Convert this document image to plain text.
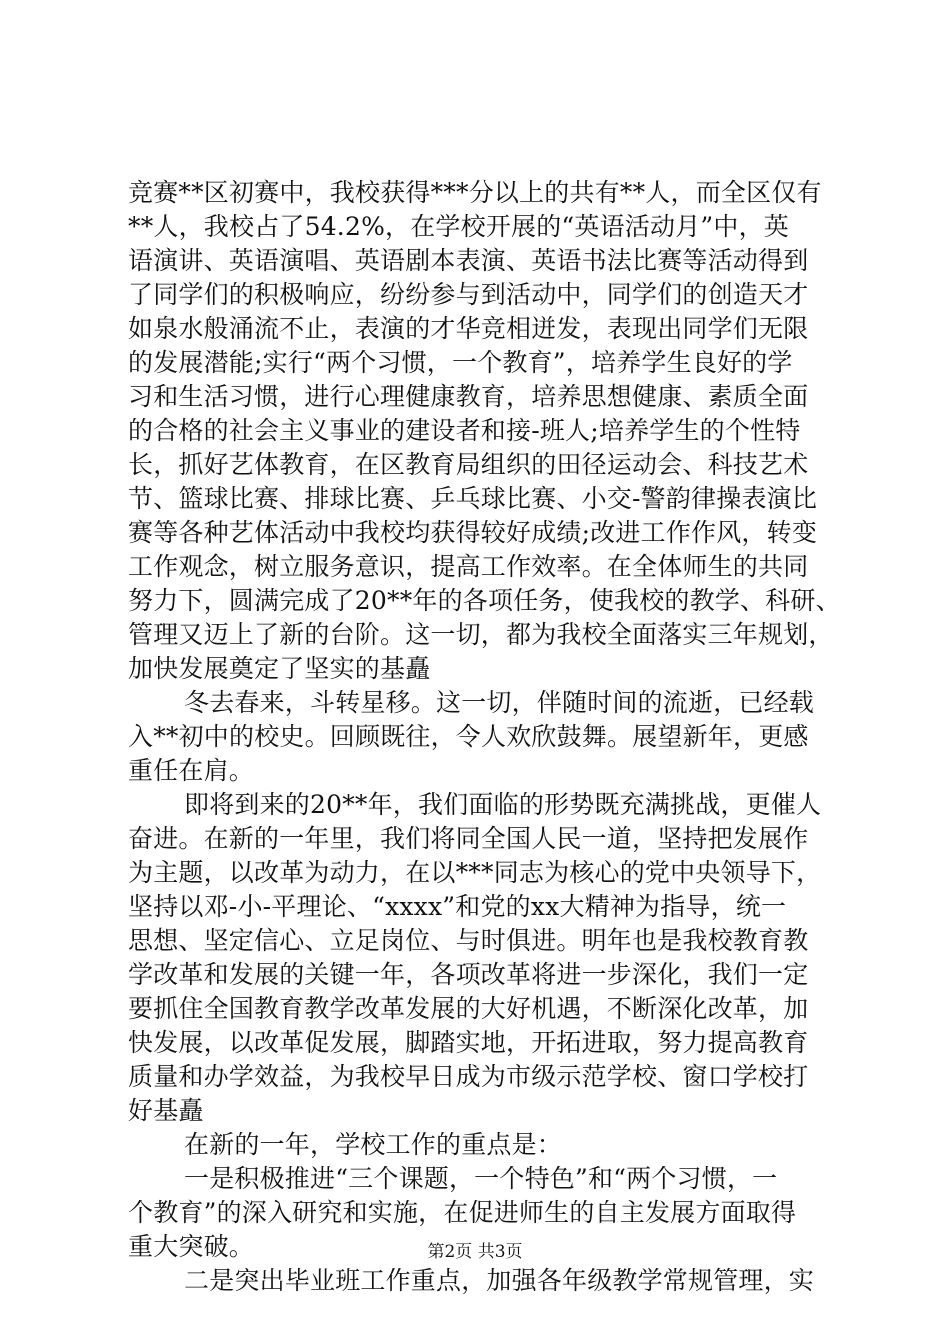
竞赛**区初赛中，我校获得***分以上的共有**人，而全区仅有
**人，我校占了54.2%，在学校开展的“英语活动月”中，英
语演讲、英语演唱、英语剧本表演、英语书法比赛等活动得到
了同学们的积极响应，纷纷参与到活动中，同学们的创造天才
如泉水般涌流不止，表演的才华竞相迸发，表现出同学们无限
的发展潜能;实行“两个习惯，一个教育”，培养学生良好的学
习和生活习惯，进行心理健康教育，培养思想健康、素质全面
的合格的社会主义事业的建设者和接-班人;培养学生的个性特
长，抓好艺体教育，在区教育局组织的田径运动会、科技艺术
节、篮球比赛、排球比赛、乒乓球比赛、小交-警韵律操表演比
赛等各种艺体活动中我校均获得较好成绩;改进工作作风，转变
工作观念，树立服务意识，提高工作效率。在全体师生的共同
努力下，圆满完成了20**年的各项任务，使我校的教学、科研、
管理又迈上了新的台阶。这一切，都为我校全面落实三年规划，
加快发展奠定了坚实的基矗
冬去春来，斗转星移。这一切，伴随时间的流逝，已经载
入**初中的校史。回顾既往，令人欢欣鼓舞。展望新年，更感
重任在肩。
即将到来的20**年，我们面临的形势既充满挑战，更催人
奋进。在新的一年里，我们将同全国人民一道，坚持把发展作
为主题，以改革为动力，在以***同志为核心的党中央领导下，
坚持以邓-小-平理论、“xxxx”和党的xx大精神为指导，统一
思想、坚定信心、立足岗位、与时俱进。明年也是我校教育教
学改革和发展的关键一年，各项改革将进一步深化，我们一定
要抓住全国教育教学改革发展的大好机遇，不断深化改革，加
快发展，以改革促发展，脚踏实地，开拓进取，努力提高教育
质量和办学效益，为我校早日成为市级示范学校、窗口学校打
好基矗
在新的一年，学校工作的重点是：
一是积极推进“三个课题，一个特色”和“两个习惯，一
个教育”的深入研究和实施，在促进师生的自主发展方面取得
重大突破。
二是突出毕业班工作重点，加强各年级教学常规管理，实
第2页 共3页
